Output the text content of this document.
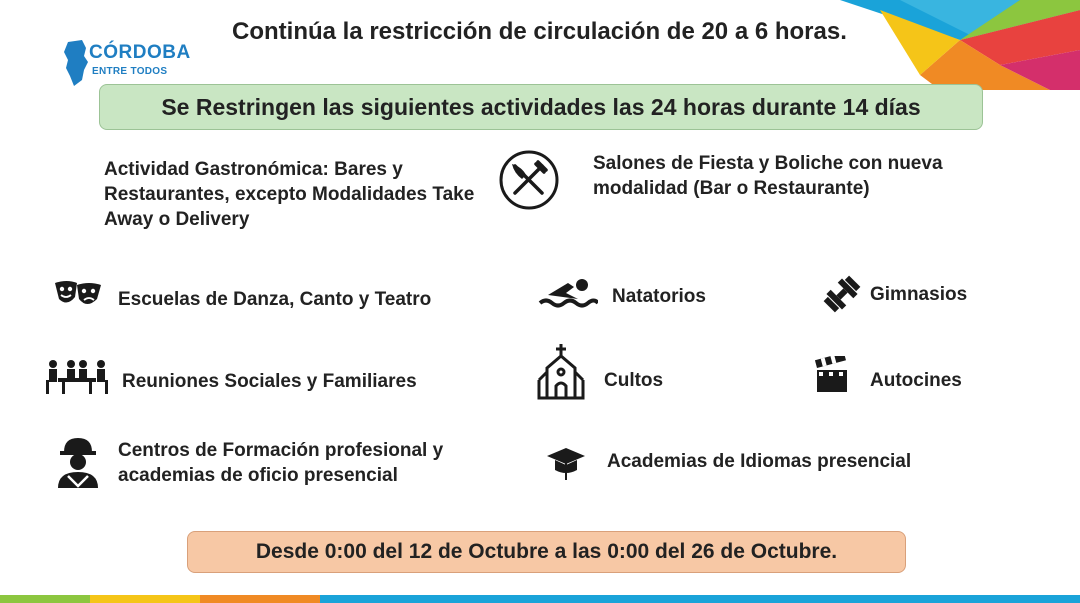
CÓRDOBA
ENTRE TODOS
Continúa la restricción de circulación de 20 a 6 horas.
Se Restringen las siguientes actividades las 24 horas durante 14 días
Actividad Gastronómica: Bares y Restaurantes, excepto Modalidades Take Away o Delivery
Salones de Fiesta y Boliche con nueva modalidad (Bar o Restaurante)
Escuelas de Danza, Canto y Teatro	Natatorios	Gimnasios
Reuniones Sociales y Familiares	Cultos	Autocines
Centros de Formación profesional y academias de oficio presencial
Academias de Idiomas presencial
Desde 0:00 del 12 de Octubre a las 0:00 del 26 de Octubre.
